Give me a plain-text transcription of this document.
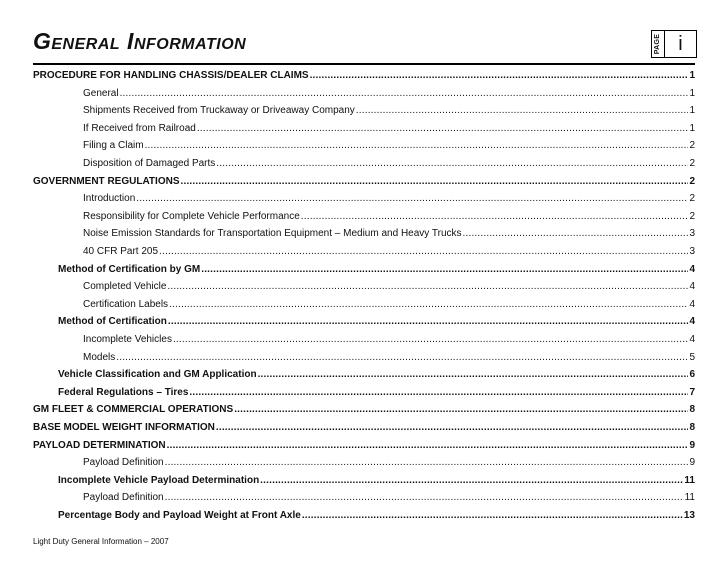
General Information	PAGE i
PROCEDURE FOR HANDLING CHASSIS/DEALER CLAIMS .....	1
General .....	1
Shipments Received from Truckaway or Driveaway Company .....	1
If Received from Railroad .....	1
Filing a Claim .....	2
Disposition of Damaged Parts .....	2
GOVERNMENT REGULATIONS .....	2
Introduction .....	2
Responsibility for Complete Vehicle Performance .....	2
Noise Emission Standards for Transportation Equipment – Medium and Heavy Trucks .....	3
40 CFR Part 205 .....	3
Method of Certification by GM .....	4
Completed Vehicle .....	4
Certification Labels .....	4
Method of Certification .....	4
Incomplete Vehicles .....	4
Models .....	5
Vehicle Classification and GM Application .....	6
Federal Regulations – Tires .....	7
GM FLEET & COMMERCIAL OPERATIONS .....	8
BASE MODEL WEIGHT INFORMATION .....	8
PAYLOAD DETERMINATION .....	9
Payload Definition .....	9
Incomplete Vehicle Payload Determination .....	11
Payload Definition .....	11
Percentage Body and Payload Weight at Front Axle .....	13
Light Duty General Information – 2007
